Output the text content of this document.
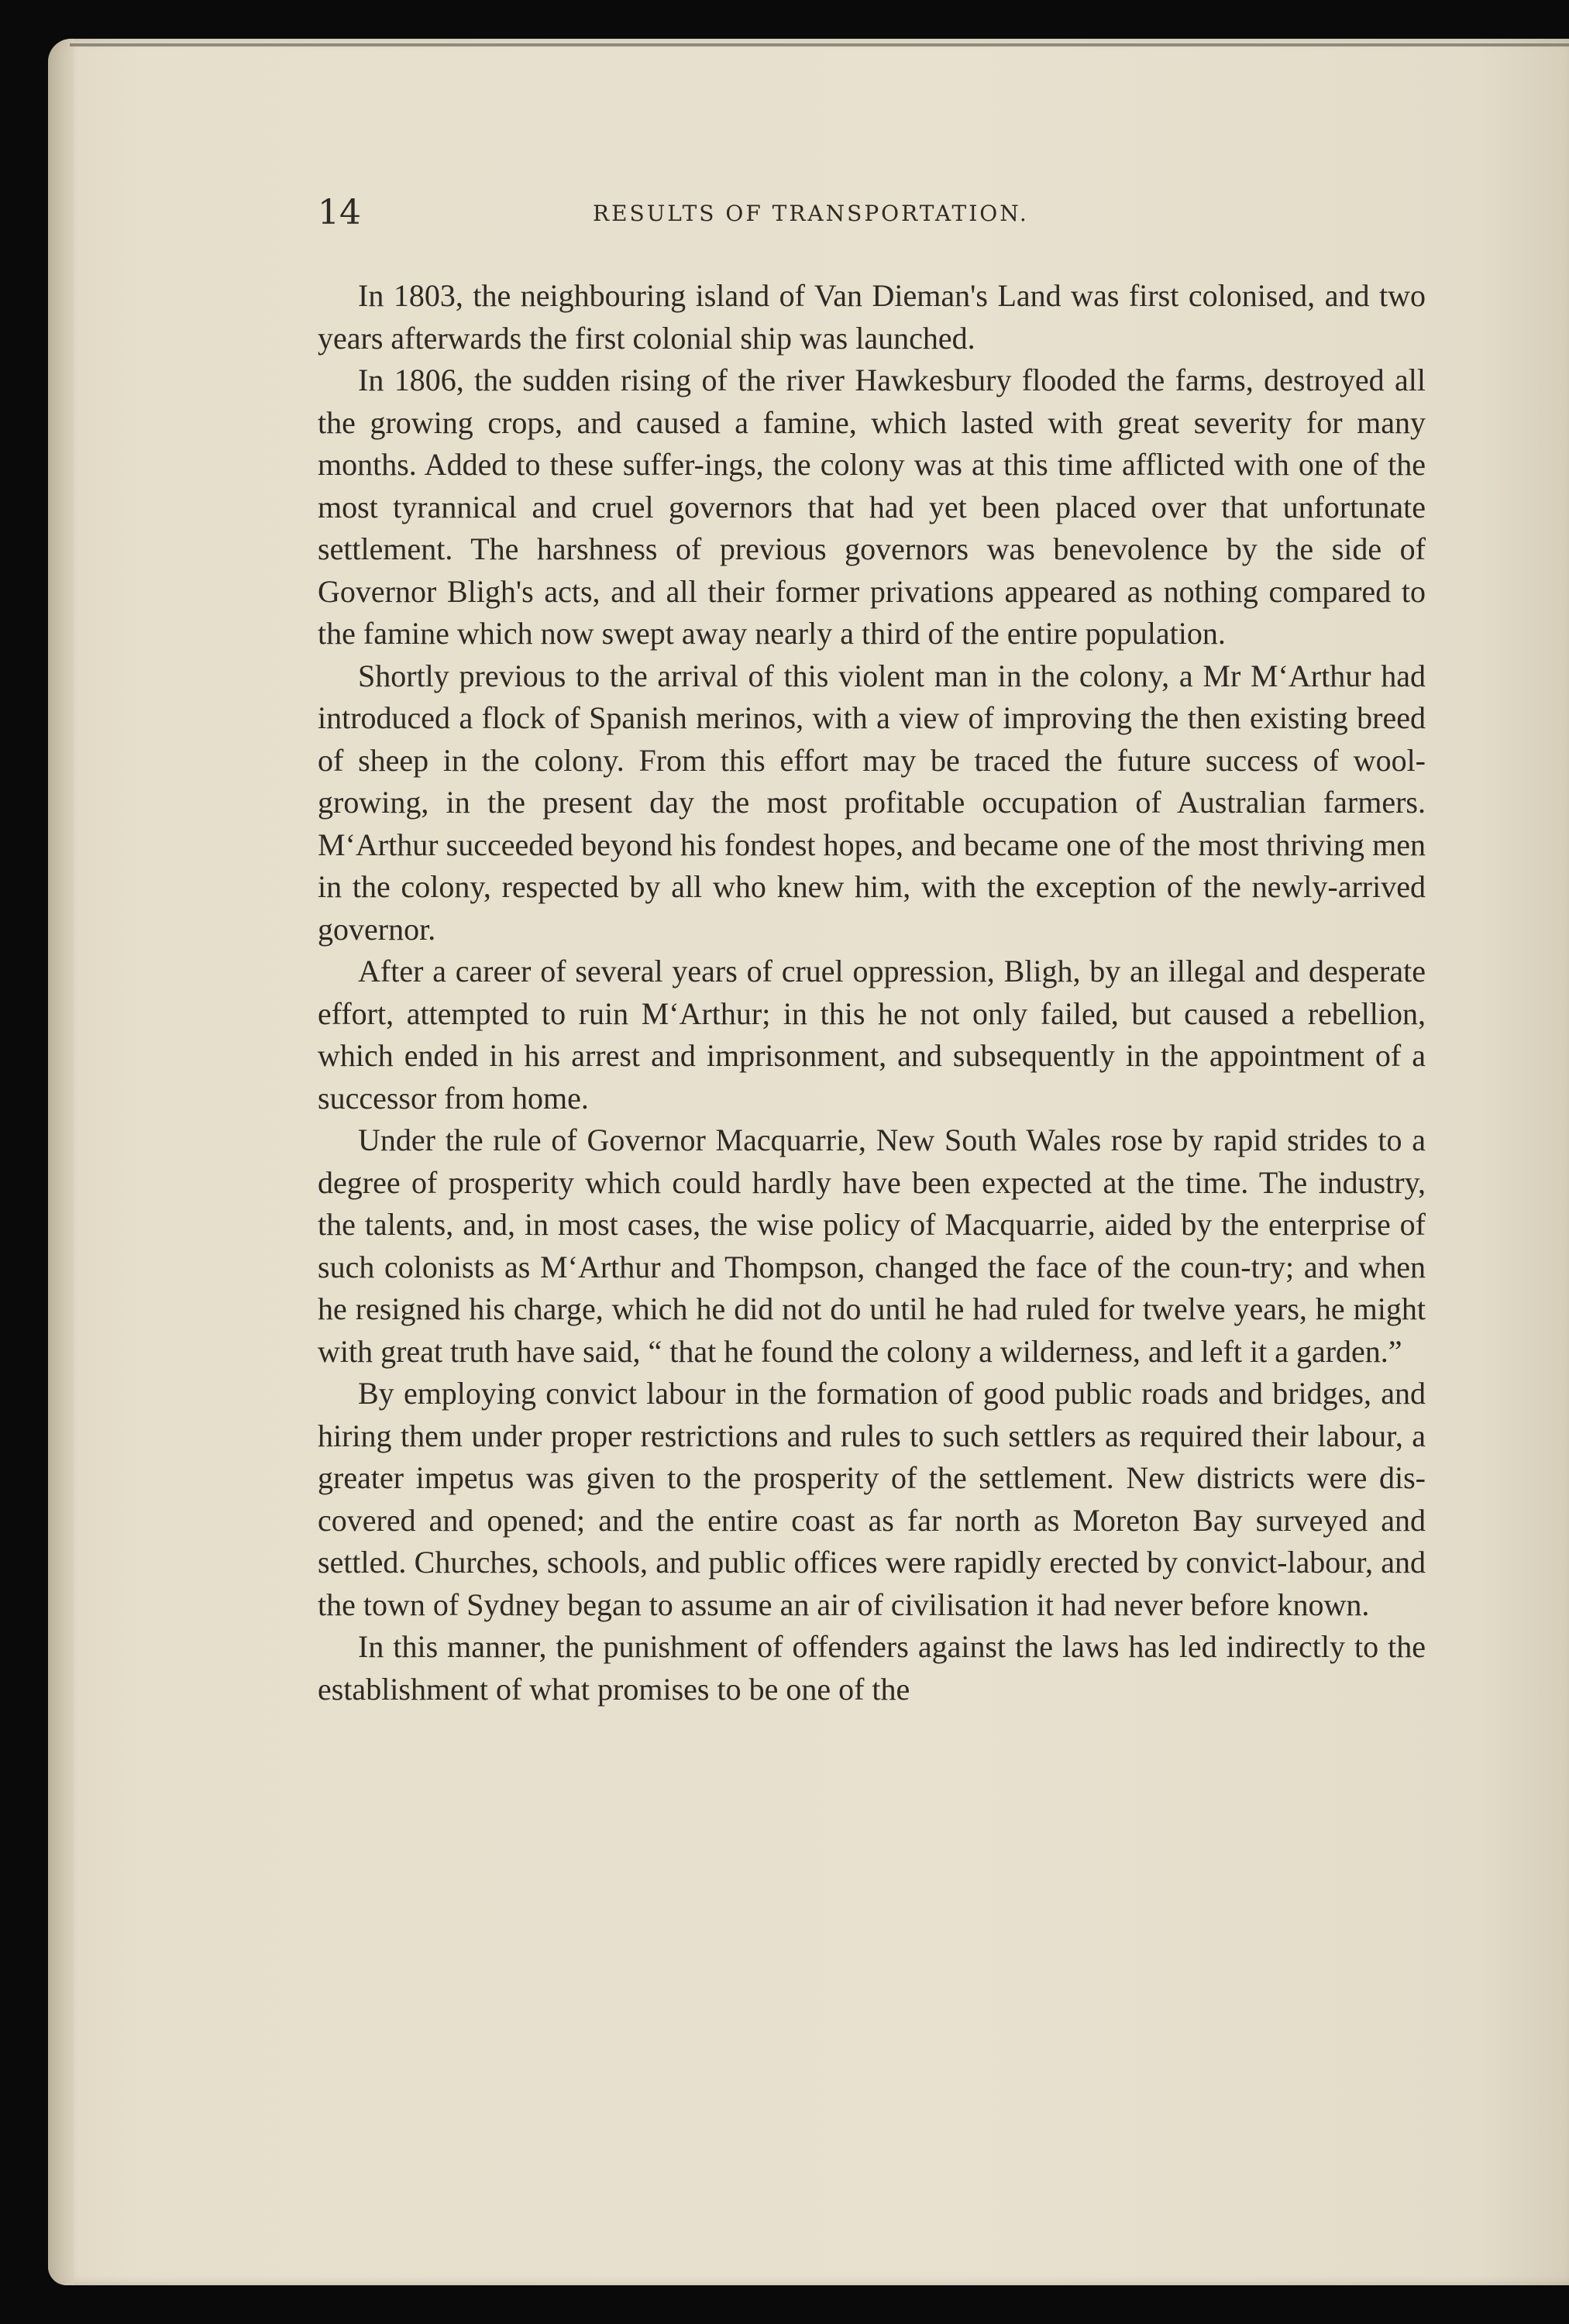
14	RESULTS OF TRANSPORTATION.

In 1803, the neighbouring island of Van Dieman's Land was first colonised, and two years afterwards the first colonial ship was launched.

In 1806, the sudden rising of the river Hawkesbury flooded the farms, destroyed all the growing crops, and caused a famine, which lasted with great severity for many months. Added to these suffer-ings, the colony was at this time afflicted with one of the most tyrannical and cruel governors that had yet been placed over that unfortunate settlement. The harshness of previous governors was benevolence by the side of Governor Bligh's acts, and all their former privations appeared as nothing compared to the famine which now swept away nearly a third of the entire population.

Shortly previous to the arrival of this violent man in the colony, a Mr M‘Arthur had introduced a flock of Spanish merinos, with a view of improving the then existing breed of sheep in the colony. From this effort may be traced the future success of wool-growing, in the present day the most profitable occupation of Australian farmers. M‘Arthur succeeded beyond his fondest hopes, and became one of the most thriving men in the colony, respected by all who knew him, with the exception of the newly-arrived governor.

After a career of several years of cruel oppression, Bligh, by an illegal and desperate effort, attempted to ruin M‘Arthur; in this he not only failed, but caused a rebellion, which ended in his arrest and imprisonment, and subsequently in the appointment of a successor from home.

Under the rule of Governor Macquarrie, New South Wales rose by rapid strides to a degree of prosperity which could hardly have been expected at the time. The industry, the talents, and, in most cases, the wise policy of Macquarrie, aided by the enterprise of such colonists as M‘Arthur and Thompson, changed the face of the coun-try; and when he resigned his charge, which he did not do until he had ruled for twelve years, he might with great truth have said, “ that he found the colony a wilderness, and left it a garden.”

By employing convict labour in the formation of good public roads and bridges, and hiring them under proper restrictions and rules to such settlers as required their labour, a greater impetus was given to the prosperity of the settlement. New districts were dis-covered and opened; and the entire coast as far north as Moreton Bay surveyed and settled. Churches, schools, and public offices were rapidly erected by convict-labour, and the town of Sydney began to assume an air of civilisation it had never before known.

In this manner, the punishment of offenders against the laws has led indirectly to the establishment of what promises to be one of the
